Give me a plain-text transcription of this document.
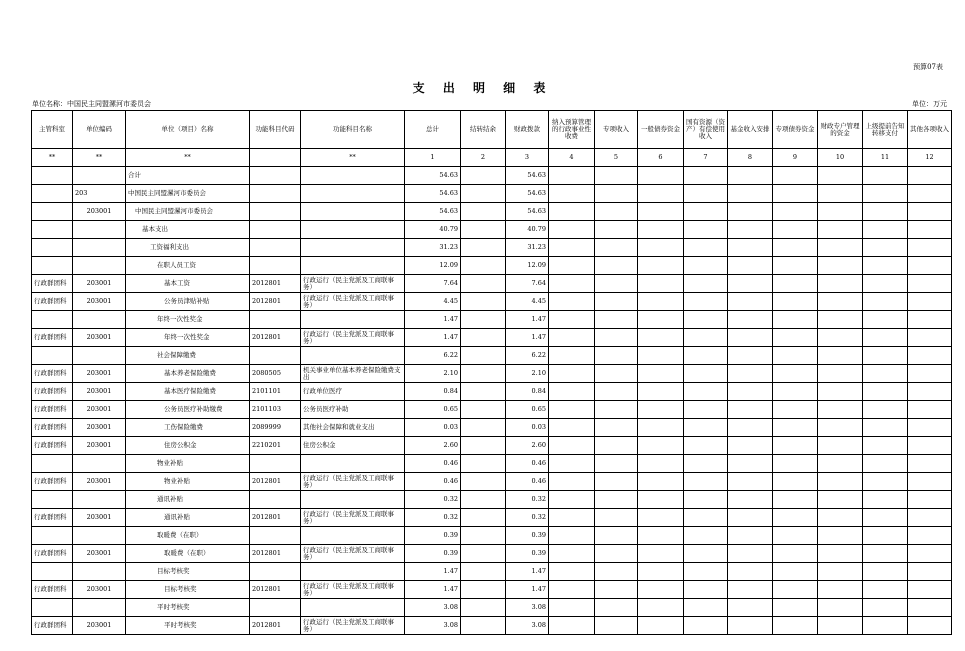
预算07表
支 出 明 细 表
单位名称：中国民主同盟漯河市委员会	单位：万元
主管科室	单位编码	单位（项目）名称	功能科目代码	功能科目名称	总计	结转结余	财政拨款	纳入预算管理的行政事业性收费	专项收入	一般债券资金	国有资源（资产）有偿使用收入	基金收入安排	专项债券资金	财政专户管理的资金	上级提前告知转移支付	其他各项收入
**	**	**		**	1	2	3	4	5	6	7	8	9	10	11	12
		合计			54.63		54.63									
	203	中国民主同盟漯河市委员会			54.63		54.63									
	203001	中国民主同盟漯河市委员会			54.63		54.63									
		基本支出			40.79		40.79									
		工资福利支出			31.23		31.23									
		在职人员工资			12.09		12.09									
行政群团科	203001	基本工资	2012801	行政运行（民主党派及工商联事务）	7.64		7.64									
行政群团科	203001	公务员津贴补贴	2012801	行政运行（民主党派及工商联事务）	4.45		4.45									
		年终一次性奖金			1.47		1.47									
行政群团科	203001	年终一次性奖金	2012801	行政运行（民主党派及工商联事务）	1.47		1.47									
		社会保障缴费			6.22		6.22									
行政群团科	203001	基本养老保险缴费	2080505	机关事业单位基本养老保险缴费支出	2.10		2.10									
行政群团科	203001	基本医疗保险缴费	2101101	行政单位医疗	0.84		0.84									
行政群团科	203001	公务员医疗补助缴费	2101103	公务员医疗补助	0.65		0.65									
行政群团科	203001	工伤保险缴费	2089999	其他社会保障和就业支出	0.03		0.03									
行政群团科	203001	住房公积金	2210201	住房公积金	2.60		2.60									
		物业补贴			0.46		0.46									
行政群团科	203001	物业补贴	2012801	行政运行（民主党派及工商联事务）	0.46		0.46									
		通讯补贴			0.32		0.32									
行政群团科	203001	通讯补贴	2012801	行政运行（民主党派及工商联事务）	0.32		0.32									
		取暖费（在职）			0.39		0.39									
行政群团科	203001	取暖费（在职）	2012801	行政运行（民主党派及工商联事务）	0.39		0.39									
		目标考核奖			1.47		1.47									
行政群团科	203001	目标考核奖	2012801	行政运行（民主党派及工商联事务）	1.47		1.47									
		平时考核奖			3.08		3.08									
行政群团科	203001	平时考核奖	2012801	行政运行（民主党派及工商联事务）	3.08		3.08									
